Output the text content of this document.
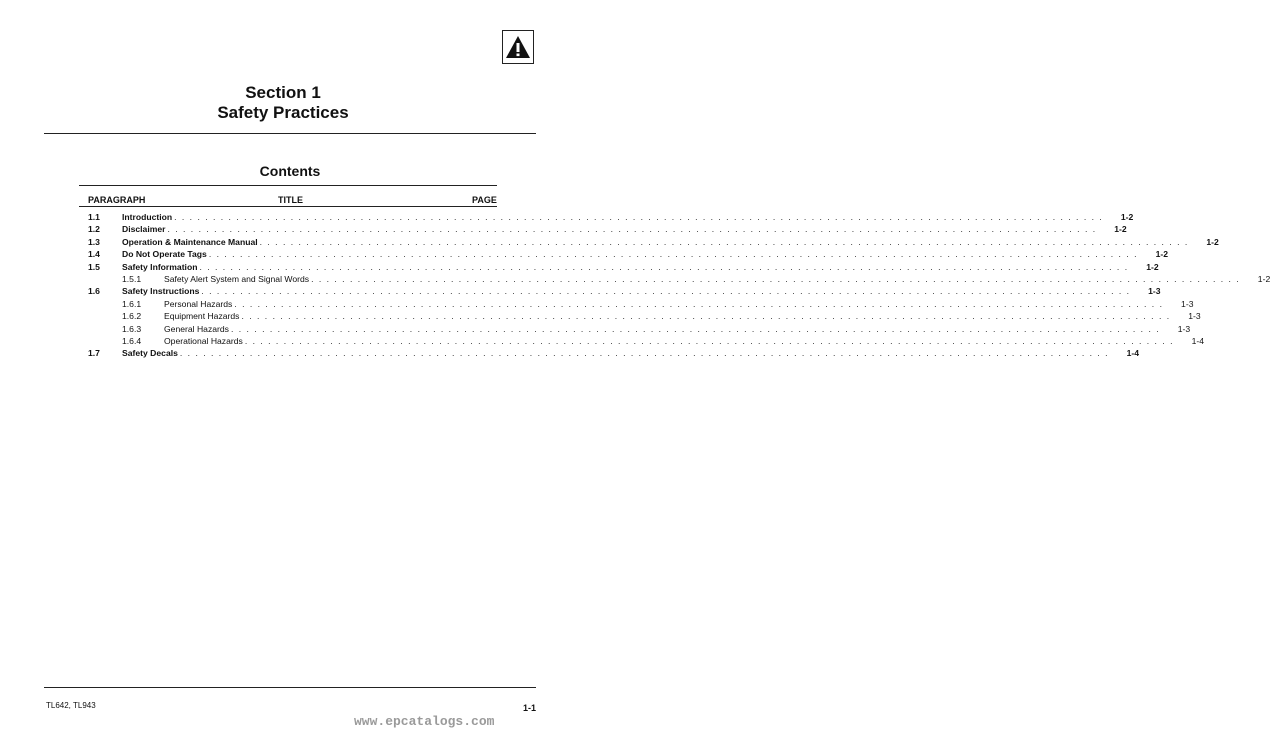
Section 1
Safety Practices
Contents
PARAGRAPH	TITLE	PAGE
1.1	Introduction . . . . . . . . . . . . . . . . . . . . . . . . . . . . . . . . . . . . . . . . . . . . . . . . . . . . . . . . . . . . . . . . . . . . . . . . . . . . . . . . . . . . . . . . . . . . . . . . . . . . . . . . . . . . . . . . . . . . . . . .	1-2
1.2	Disclaimer . . . . . . . . . . . . . . . . . . . . . . . . . . . . . . . . . . . . . . . . . . . . . . . . . . . . . . . . . . . . . . . . . . . . . . . . . . . . . . . . . . . . . . . . . . . . . . . . . . . . . . . . . . . . . . . . . . . . . . . .	1-2
1.3	Operation & Maintenance Manual . . . . . . . . . . . . . . . . . . . . . . . . . . . . . . . . . . . . . . . . . . . . . . . . . . . . . . . . . . . . . . . . . . . . . . . . . . . . . . . . . . . . . . . . . . . . . . . . . . . . . . . . . . . . . . . . . . . . . . . .	1-2
1.4	Do Not Operate Tags . . . . . . . . . . . . . . . . . . . . . . . . . . . . . . . . . . . . . . . . . . . . . . . . . . . . . . . . . . . . . . . . . . . . . . . . . . . . . . . . . . . . . . . . . . . . . . . . . . . . . . . . . . . . . . . . . . . . . . . .	1-2
1.5	Safety Information . . . . . . . . . . . . . . . . . . . . . . . . . . . . . . . . . . . . . . . . . . . . . . . . . . . . . . . . . . . . . . . . . . . . . . . . . . . . . . . . . . . . . . . . . . . . . . . . . . . . . . . . . . . . . . . . . . . . . . . .	1-2
1.5.1	Safety Alert System and Signal Words . . . . . . . . . . . . . . . . . . . . . . . . . . . . . . . . . . . . . . . . . . . . . . . . . . . . . . . . . . . . . . . . . . . . . . . . . . . . . . . . . . . . . . . . . . . . . . . . . . . . . . . . . . . . . . . . . . . . . . . .	1-2
1.6	Safety Instructions . . . . . . . . . . . . . . . . . . . . . . . . . . . . . . . . . . . . . . . . . . . . . . . . . . . . . . . . . . . . . . . . . . . . . . . . . . . . . . . . . . . . . . . . . . . . . . . . . . . . . . . . . . . . . . . . . . . . . . . .	1-3
1.6.1	Personal Hazards . . . . . . . . . . . . . . . . . . . . . . . . . . . . . . . . . . . . . . . . . . . . . . . . . . . . . . . . . . . . . . . . . . . . . . . . . . . . . . . . . . . . . . . . . . . . . . . . . . . . . . . . . . . . . . . . . . . . . . . .	1-3
1.6.2	Equipment Hazards . . . . . . . . . . . . . . . . . . . . . . . . . . . . . . . . . . . . . . . . . . . . . . . . . . . . . . . . . . . . . . . . . . . . . . . . . . . . . . . . . . . . . . . . . . . . . . . . . . . . . . . . . . . . . . . . . . . . . . . .	1-3
1.6.3	General Hazards . . . . . . . . . . . . . . . . . . . . . . . . . . . . . . . . . . . . . . . . . . . . . . . . . . . . . . . . . . . . . . . . . . . . . . . . . . . . . . . . . . . . . . . . . . . . . . . . . . . . . . . . . . . . . . . . . . . . . . . .	1-3
1.6.4	Operational Hazards . . . . . . . . . . . . . . . . . . . . . . . . . . . . . . . . . . . . . . . . . . . . . . . . . . . . . . . . . . . . . . . . . . . . . . . . . . . . . . . . . . . . . . . . . . . . . . . . . . . . . . . . . . . . . . . . . . . . . . . .	1-4
1.7	Safety Decals . . . . . . . . . . . . . . . . . . . . . . . . . . . . . . . . . . . . . . . . . . . . . . . . . . . . . . . . . . . . . . . . . . . . . . . . . . . . . . . . . . . . . . . . . . . . . . . . . . . . . . . . . . . . . . . . . . . . . . . .	1-4
TL642, TL943	1-1
www.epcatalogs.com
